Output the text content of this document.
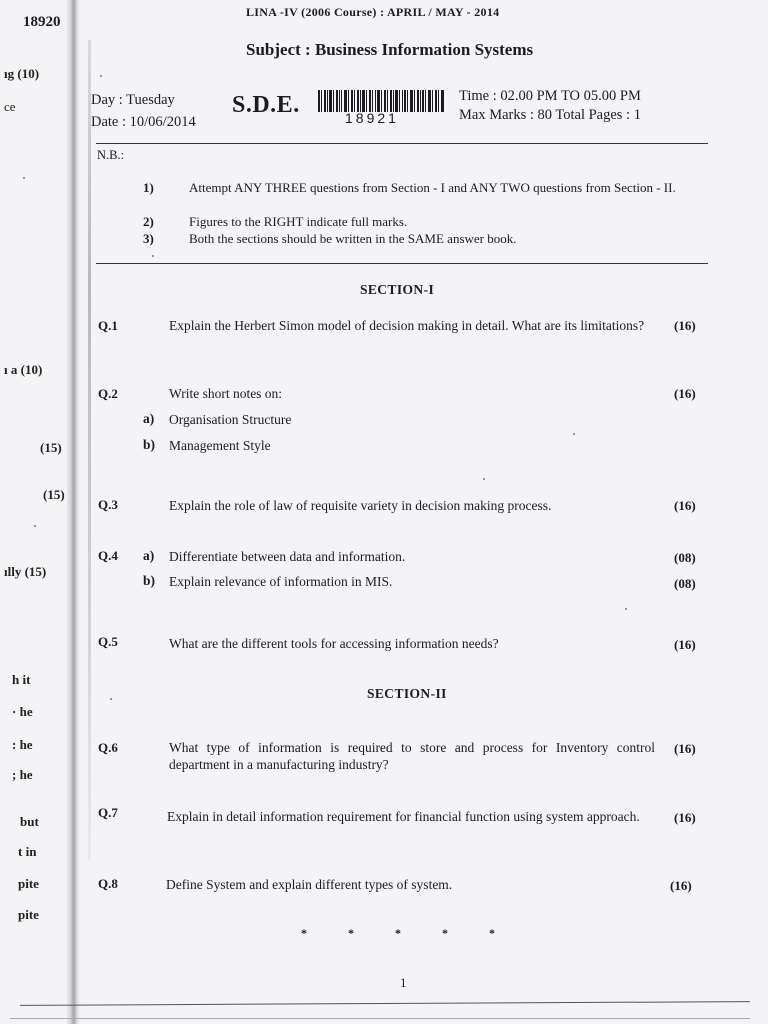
18920
ıg (10)
ce
ı a (10)
(15)
(15)
ılly (15)
h it
· he
: he
; he
but
t in
pite
pite
LINA -IV (2006 Course) : APRIL / MAY - 2014
Subject : Business Information Systems
Day : Tuesday
Date : 10/06/2014
S.D.E.	18921
Time : 02.00 PM TO 05.00 PM
Max Marks : 80 Total Pages : 1
N.B.:
1)	Attempt ANY THREE questions from Section - I and ANY TWO questions from Section - II.
2)	Figures to the RIGHT indicate full marks.
3)	Both the sections should be written in the SAME answer book.
SECTION-I
Q.1	Explain the Herbert Simon model of decision making in detail. What are its limitations?	(16)
Q.2	Write short notes on:	(16)
a) Organisation Structure
b) Management Style
Q.3	Explain the role of law of requisite variety in decision making process.	(16)
Q.4 a) Differentiate between data and information.	(08)
b) Explain relevance of information in MIS.	(08)
Q.5	What are the different tools for accessing information needs?	(16)
SECTION-II
Q.6	What type of information is required to store and process for Inventory control department in a manufacturing industry?
(16)
Q.7	Explain in detail information requirement for financial function using system approach.	(16)
Q.8	Define System and explain different types of system.	(16)
*	*	*	*	*
1
